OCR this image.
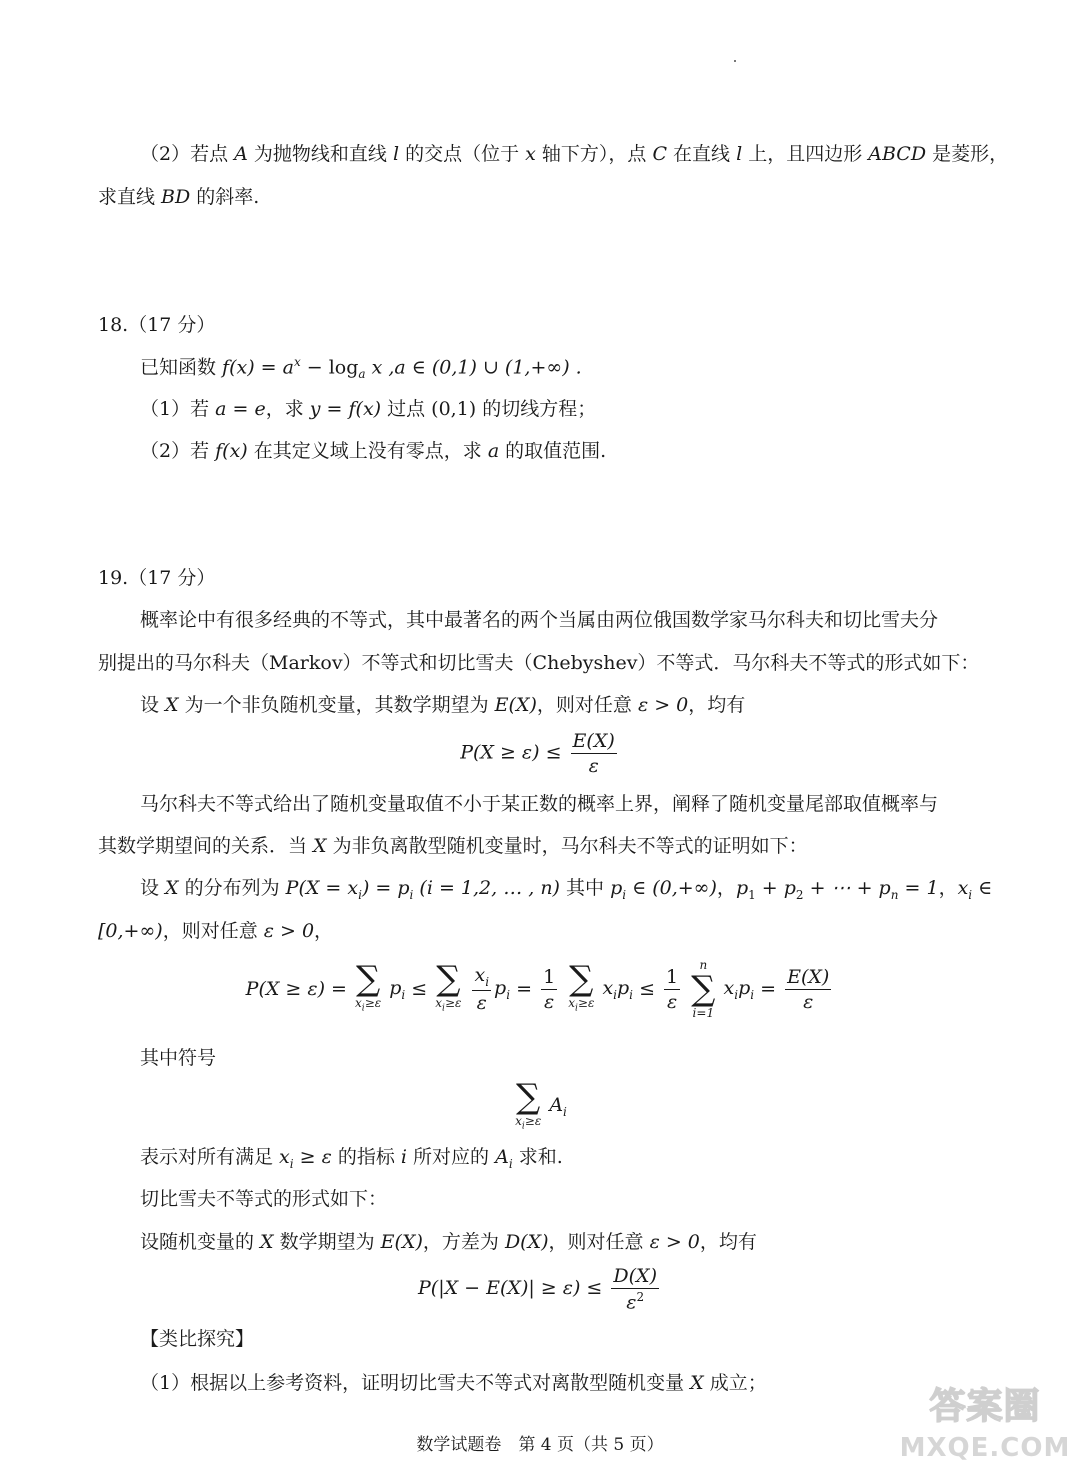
（2）若点 A 为抛物线和直线 l 的交点（位于 x 轴下方），点 C 在直线 l 上，且四边形 ABCD 是菱形，
求直线 BD 的斜率.
18.（17 分）
已知函数 $f(x) = a^x - \log_a x$ ,a ∈ (0,1) ∪ (1,+∞) .
（1）若 a = e，求 y = f(x) 过点 (0,1) 的切线方程；
（2）若 f(x) 在其定义域上没有零点，求 a 的取值范围.
19.（17 分）
概率论中有很多经典的不等式，其中最著名的两个当属由两位俄国数学家马尔科夫和切比雪夫分
别提出的马尔科夫（Markov）不等式和切比雪夫（Chebyshev）不等式．马尔科夫不等式的形式如下：
设 X 为一个非负随机变量，其数学期望为 E(X)，则对任意 ε > 0，均有
$P(X \ge \varepsilon) \le \frac{E(X)}{\varepsilon}$
马尔科夫不等式给出了随机变量取值不小于某正数的概率上界，阐释了随机变量尾部取值概率与
其数学期望间的关系．当 X 为非负离散型随机变量时，马尔科夫不等式的证明如下：
设 X 的分布列为 $P(X = x_i) = p_i$ (i = 1,2, … , n) 其中 $p_i$ ∈ (0,+∞)，$p_1 + p_2$ + ⋯ + $p_n = 1$，$x_i$ ∈
[0,+∞)，则对任意 ε > 0，
P(X ≥ ε) = ∑
$x_i\ge\varepsilon$
$p_i$ ≤ ∑
$x_i\ge\varepsilon$
$\frac{x_i}{\varepsilon} p_i = \frac{1}{\varepsilon}$
∑
$x_i\ge\varepsilon$
$x_ip_i \le \frac{1}{\varepsilon}$

n
∑
i=1
$x_ip_i = \frac{E(X)}{\varepsilon}$
其中符号
∑
$x_i\ge\varepsilon$
$A_i$
表示对所有满足 $x_i \ge \varepsilon$ 的指标 i 所对应的 $A_i$ 求和.
切比雪夫不等式的形式如下：
设随机变量的 X 数学期望为 E(X)，方差为 D(X)，则对任意 ε > 0，均有
$P(|X - E(X)| \ge \varepsilon) \le \frac{D(X)}{\varepsilon^2}$
【类比探究】
（1）根据以上参考资料，证明切比雪夫不等式对离散型随机变量 X 成立；
数学试题卷　第 4 页（共 5 页）
答案圈
MXQE.COM
